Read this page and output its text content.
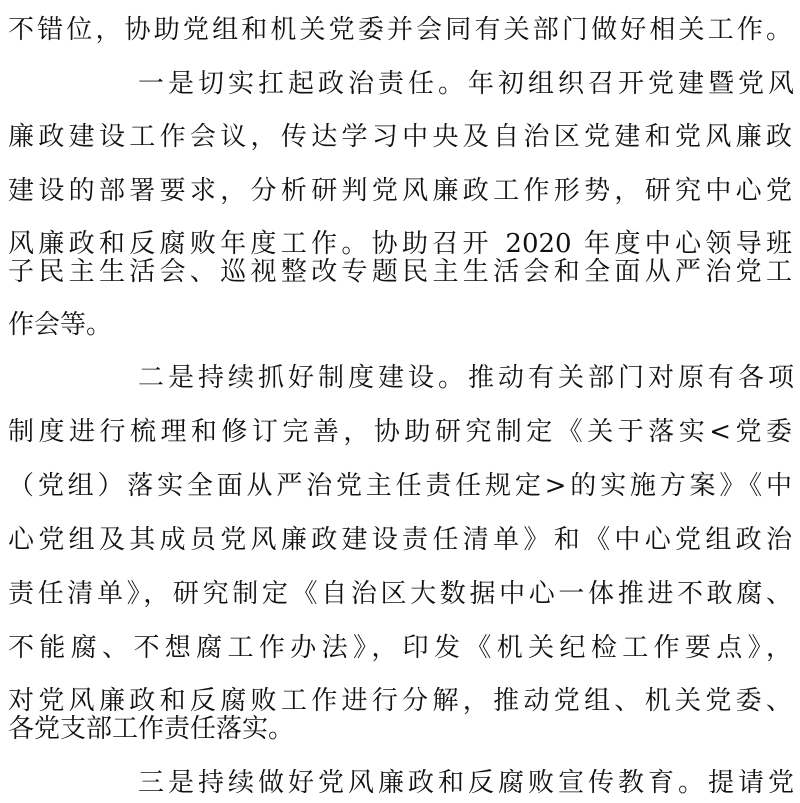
不错位，协助党组和机关党委并会同有关部门做好相关工作。
一是切实扛起政治责任。年初组织召开党建暨党风
廉政建设工作会议，传达学习中央及自治区党建和党风廉政
建设的部署要求，分析研判党风廉政工作形势，研究中心党
风廉政和反腐败年度工作。协助召开 2020 年度中心领导班
子民主生活会、巡视整改专题民主生活会和全面从严治党工
作会等。
二是持续抓好制度建设。推动有关部门对原有各项
制度进行梳理和修订完善，协助研究制定《关于落实<党委
（党组）落实全面从严治党主任责任规定>的实施方案》《中
心党组及其成员党风廉政建设责任清单》和《中心党组政治
责任清单》，研究制定《自治区大数据中心一体推进不敢腐、
不能腐、不想腐工作办法》，印发《机关纪检工作要点》，
对党风廉政和反腐败工作进行分解，推动党组、机关党委、
各党支部工作责任落实。
三是持续做好党风廉政和反腐败宣传教育。提请党
